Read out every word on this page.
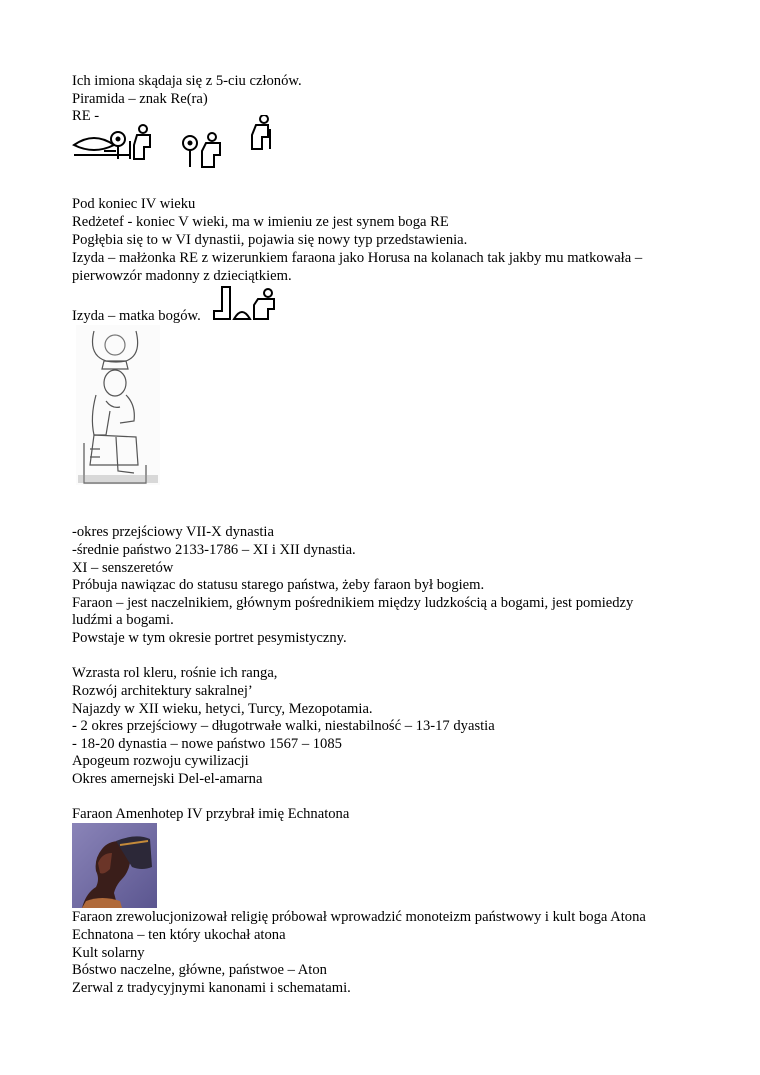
Ich imiona skądaja się z 5-ciu członów.
Piramida – znak Re(ra)
RE -
Pod koniec IV wieku
Redżetef - koniec V wieki, ma w imieniu ze jest synem boga RE
Pogłębia się to w VI dynastii, pojawia się nowy typ przedstawienia.
Izyda – małżonka RE z wizerunkiem faraona jako Horusa na kolanach tak jakby mu matkowała –
pierwowzór madonny z dzieciątkiem.
Izyda – matka bogów.
-okres przejściowy VII-X dynastia
-średnie państwo 2133-1786 – XI i XII dynastia.
XI – senszeretów
Próbuja nawiązac do statusu starego państwa, żeby faraon był bogiem.
Faraon – jest naczelnikiem, głównym pośrednikiem między ludzkością a bogami, jest pomiedzy
ludźmi a bogami.
Powstaje w tym okresie portret pesymistyczny.
Wzrasta rol kleru, rośnie ich ranga,
Rozwój architektury sakralnej’
Najazdy w XII wieku, hetyci, Turcy, Mezopotamia.
- 2 okres przejściowy – długotrwałe walki, niestabilność – 13-17 dyastia
- 18-20 dynastia – nowe państwo 1567 – 1085
Apogeum rozwoju cywilizacji
Okres amernejski Del-el-amarna
Faraon Amenhotep IV przybrał imię Echnatona
Faraon zrewolucjonizował religię próbował wprowadzić monoteizm państwowy i kult boga Atona
Echnatona – ten który ukochał atona
Kult solarny
Bóstwo naczelne, główne, państwoe – Aton
Zerwal z tradycyjnymi kanonami i schematami.
